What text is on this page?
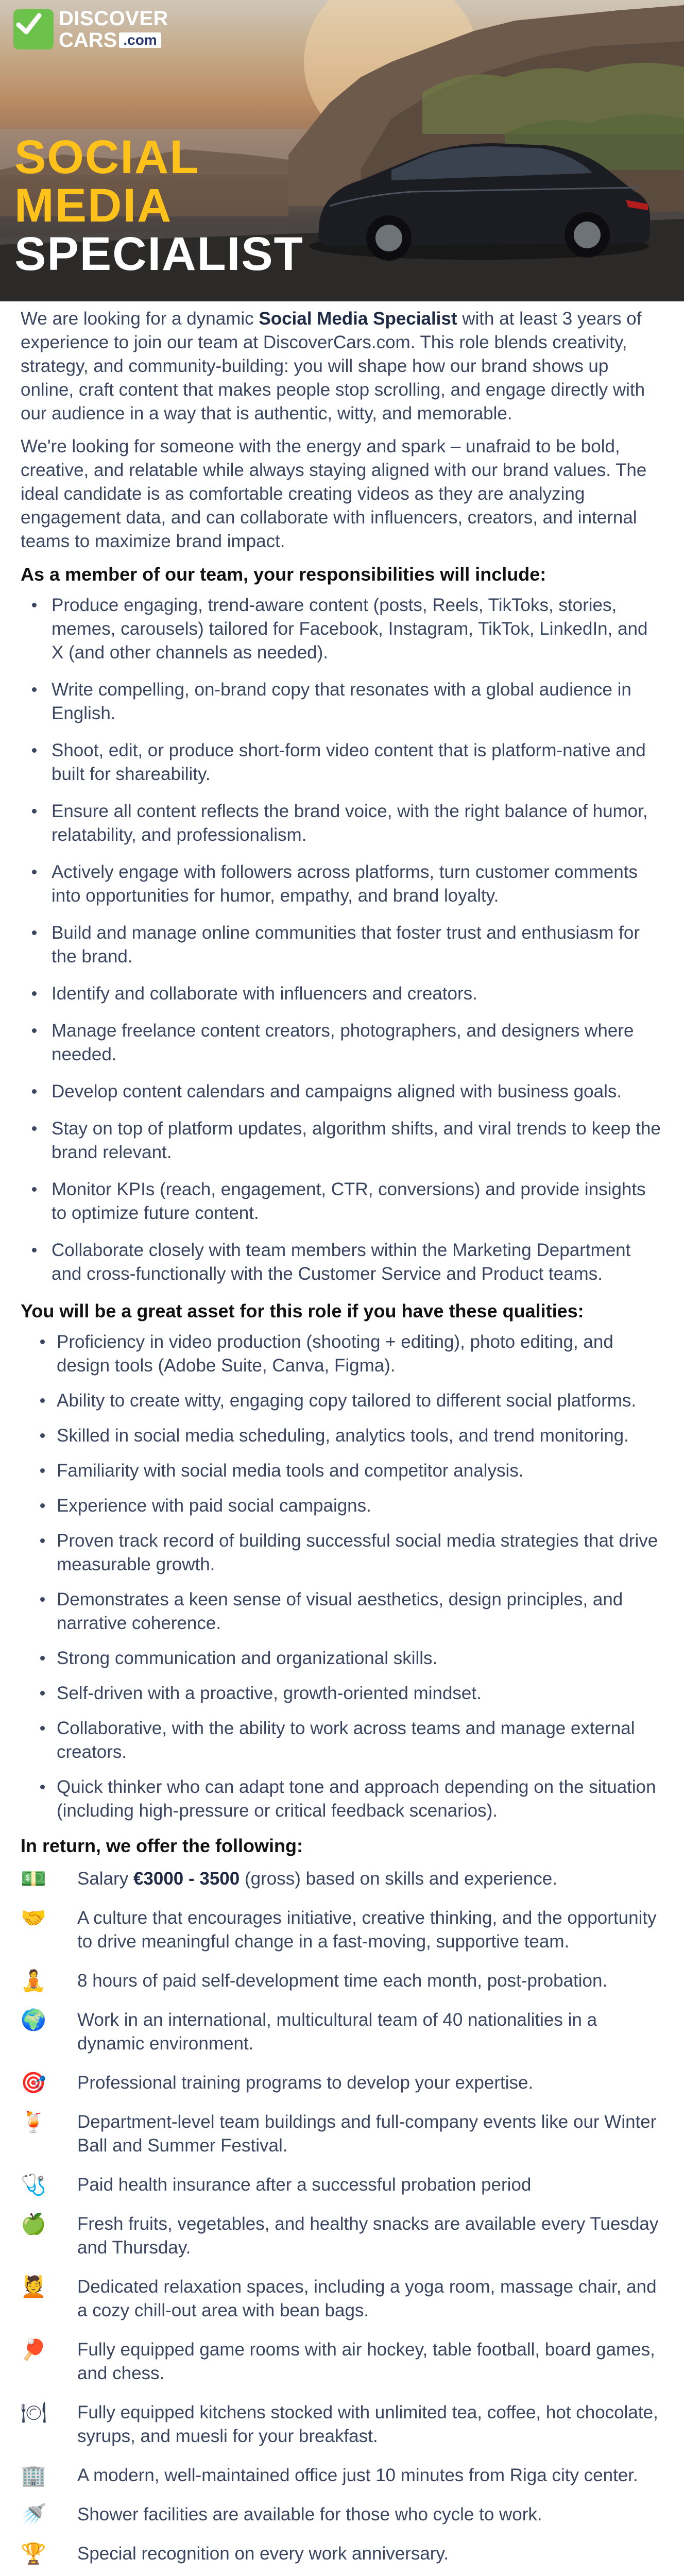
DISCOVER
CARS .com
SOCIAL
MEDIA
SPECIALIST

We are looking for a dynamic Social Media Specialist with at least 3 years of experience to join our team at DiscoverCars.com. This role blends creativity, strategy, and community-building: you will shape how our brand shows up online, craft content that makes people stop scrolling, and engage directly with our audience in a way that is authentic, witty, and memorable.

We're looking for someone with the energy and spark – unafraid to be bold, creative, and relatable while always staying aligned with our brand values. The ideal candidate is as comfortable creating videos as they are analyzing engagement data, and can collaborate with influencers, creators, and internal teams to maximize brand impact.

As a member of our team, your responsibilities will include:
Produce engaging, trend-aware content (posts, Reels, TikToks, stories, memes, carousels) tailored for Facebook, Instagram, TikTok, LinkedIn, and X (and other channels as needed).
Write compelling, on-brand copy that resonates with a global audience in English.
Shoot, edit, or produce short-form video content that is platform-native and built for shareability.
Ensure all content reflects the brand voice, with the right balance of humor, relatability, and professionalism.
Actively engage with followers across platforms, turn customer comments into opportunities for humor, empathy, and brand loyalty.
Build and manage online communities that foster trust and enthusiasm for the brand.
Identify and collaborate with influencers and creators.
Manage freelance content creators, photographers, and designers where needed.
Develop content calendars and campaigns aligned with business goals.
Stay on top of platform updates, algorithm shifts, and viral trends to keep the brand relevant.
Monitor KPIs (reach, engagement, CTR, conversions) and provide insights to optimize future content.
Collaborate closely with team members within the Marketing Department and cross-functionally with the Customer Service and Product teams.
You will be a great asset for this role if you have these qualities:
Proficiency in video production (shooting + editing), photo editing, and design tools (Adobe Suite, Canva, Figma).
Ability to create witty, engaging copy tailored to different social platforms.
Skilled in social media scheduling, analytics tools, and trend monitoring.
Familiarity with social media tools and competitor analysis.
Experience with paid social campaigns.
Proven track record of building successful social media strategies that drive measurable growth.
Demonstrates a keen sense of visual aesthetics, design principles, and narrative coherence.
Strong communication and organizational skills.
Self-driven with a proactive, growth-oriented mindset.
Collaborative, with the ability to work across teams and manage external creators.
Quick thinker who can adapt tone and approach depending on the situation (including high-pressure or critical feedback scenarios).
In return, we offer the following:
💵	Salary €3000 - 3500 (gross) based on skills and experience.
🤝	A culture that encourages initiative, creative thinking, and the opportunity to drive meaningful change in a fast-moving, supportive team.
🧘	8 hours of paid self-development time each month, post-probation.
🌍	Work in an international, multicultural team of 40 nationalities in a dynamic environment.
🎯	Professional training programs to develop your expertise.
🍹	Department-level team buildings and full-company events like our Winter Ball and Summer Festival.
🩺	Paid health insurance after a successful probation period
🍏	Fresh fruits, vegetables, and healthy snacks are available every Tuesday and Thursday.
💆	Dedicated relaxation spaces, including a yoga room, massage chair, and a cozy chill-out area with bean bags.
🏓	Fully equipped game rooms with air hockey, table football, board games, and chess.
🍽	Fully equipped kitchens stocked with unlimited tea, coffee, hot chocolate, syrups, and muesli for your breakfast.
🏢	A modern, well-maintained office just 10 minutes from Riga city center.
🚿	Shower facilities are available for those who cycle to work.
🏆	Special recognition on every work anniversary.
